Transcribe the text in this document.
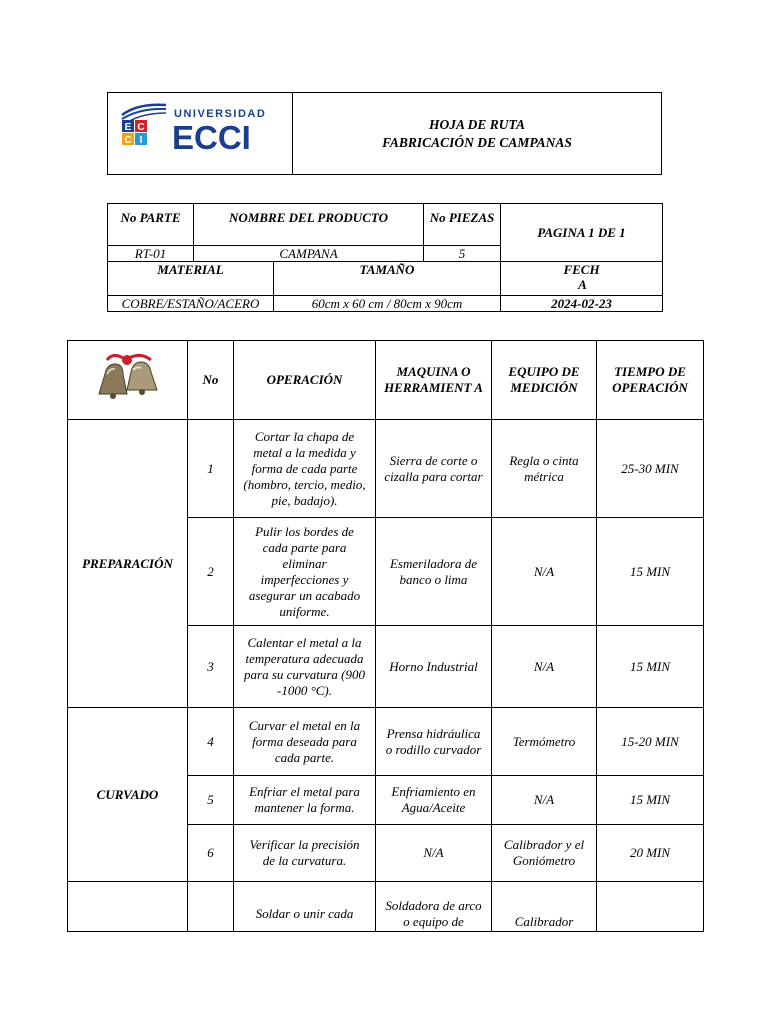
E C
C I
UNIVERSIDAD
ECCI	HOJA DE RUTA
FABRICACIÓN DE CAMPANAS
No PARTE	NOMBRE DEL PRODUCTO		No PIEZAS	PAGINA 1 DE 1
RT-01	CAMPANA		5	
MATERIAL		TAMAÑO		FECH
A

COBRE/ESTAÑO/ACERO		60cm x 60 cm / 80cm x 90cm		2024-02-23
	No	OPERACIÓN	MAQUINA O HERRAMIENT A	EQUIPO DE MEDICIÓN	TIEMPO DE OPERACIÓN
PREPARACIÓN	1	Cortar la chapa de metal a la medida y forma de cada parte (hombro, tercio, medio, pie, badajo).	Sierra de corte o cizalla para cortar	Regla o cinta métrica	25-30 MIN
	2	Pulir los bordes de cada parte para eliminar imperfecciones y asegurar un acabado uniforme.	Esmeriladora de banco o lima	N/A	15 MIN
	3	Calentar el metal a la temperatura adecuada para su curvatura (900 -1000 °C).	Horno Industrial	N/A	15 MIN
CURVADO	4	Curvar el metal en la forma deseada para cada parte.	Prensa hidráulica o rodillo curvador	Termómetro	15-20 MIN
	5	Enfriar el metal para mantener la forma.	Enfriamiento en Agua/Aceite	N/A	15 MIN
	6	Verificar la precisión de la curvatura.	N/A	Calibrador y el Goniómetro	20 MIN
		Soldar o unir cada	Soldadora de arco o equipo de	Calibrador	
